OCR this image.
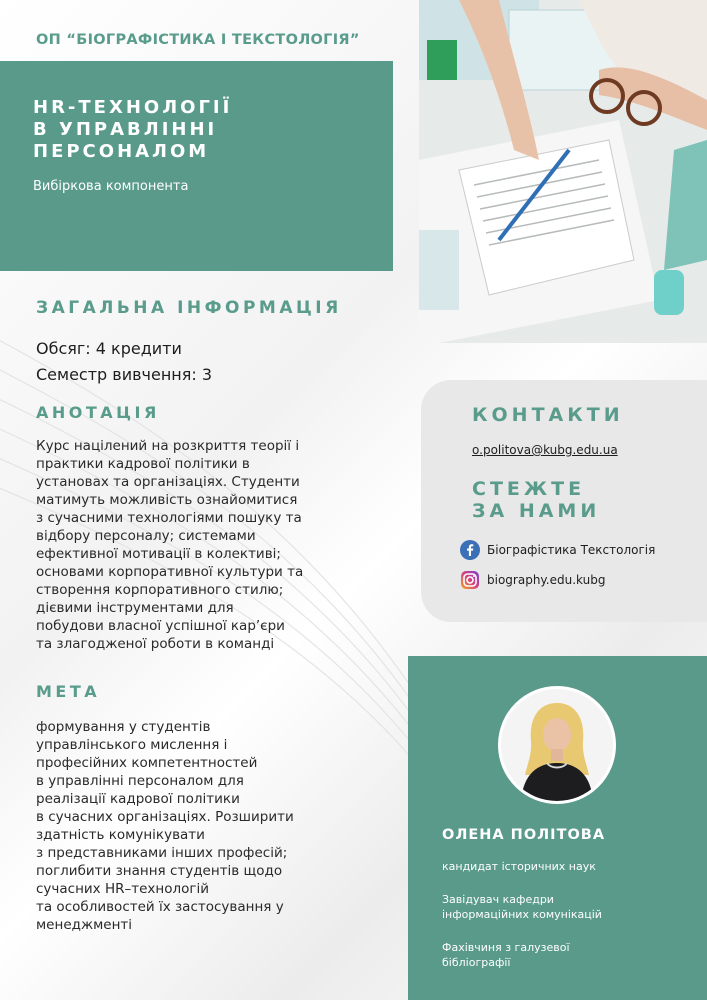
ОП “БІОГРАФІСТИКА І ТЕКСТОЛОГІЯ”
HR-ТЕХНОЛОГІЇ
В УПРАВЛІННІ
ПЕРСОНАЛОМ
Вибіркова компонента
ЗАГАЛЬНА ІНФОРМАЦІЯ
Обсяг: 4 кредити
Семестр вивчення: 3
АНОТАЦІЯ
Курс націлений на розкриття теорії і
практики кадрової політики в
установах та організаціях. Студенти
матимуть можливість ознайомитися
з сучасними технологіями пошуку та
відбору персоналу; системами
ефективної мотивації в колективі;
основами корпоративної культури та
створення корпоративного стилю;
дієвими інструментами для
побудови власної успішної кар’єри
та злагодженої роботи в команді
МЕТА
формування у студентів
управлінського мислення і
професійних компетентностей
в управлінні персоналом для
реалізації кадрової політики
в сучасних організаціях. Розширити
здатність комунікувати
з представниками інших професій;
поглибити знання студентів щодо
сучасних HR–технологій
та особливостей їх застосування у
менеджменті
КОНТАКТИ
o.politova@kubg.edu.ua
СТЕЖТЕ
ЗА НАМИ
Біографістика Текстологія
biography.edu.kubg
ОЛЕНА ПОЛІТОВА
кандидат історичних наук
Завідувач кафедри
інформаційних комунікацій
Фахівчиня з галузевої
бібліографії
